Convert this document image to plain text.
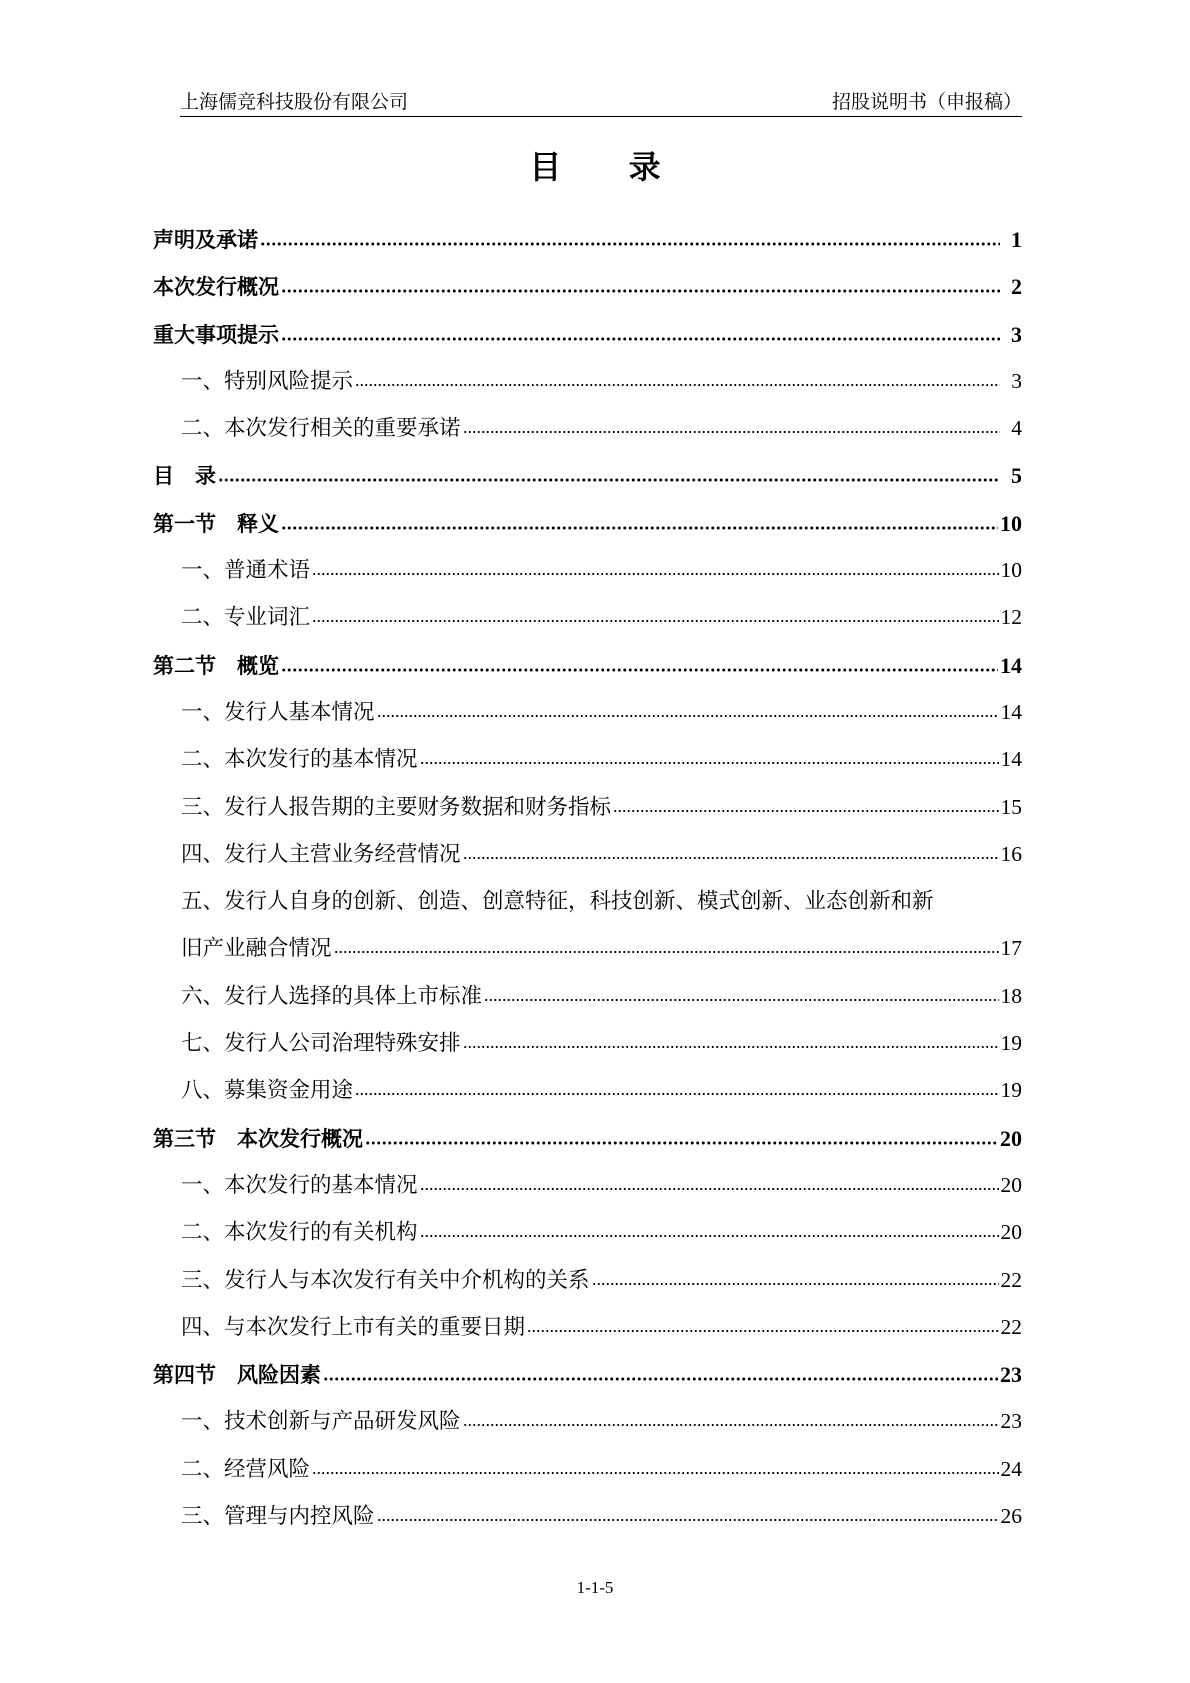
上海儒竞科技股份有限公司	招股说明书（申报稿）
目 录
声明及承诺	1
本次发行概况	2
重大事项提示	3
一、特别风险提示	3
二、本次发行相关的重要承诺	4
目　录	5
第一节　释义	10
一、普通术语	10
二、专业词汇	12
第二节　概览	14
一、发行人基本情况	14
二、本次发行的基本情况	14
三、发行人报告期的主要财务数据和财务指标	15
四、发行人主营业务经营情况	16
五、发行人自身的创新、创造、创意特征，科技创新、模式创新、业态创新和新
旧产业融合情况	17
六、发行人选择的具体上市标准	18
七、发行人公司治理特殊安排	19
八、募集资金用途	19
第三节　本次发行概况	20
一、本次发行的基本情况	20
二、本次发行的有关机构	20
三、发行人与本次发行有关中介机构的关系	22
四、与本次发行上市有关的重要日期	22
第四节　风险因素	23
一、技术创新与产品研发风险	23
二、经营风险	24
三、管理与内控风险	26
1-1-5
